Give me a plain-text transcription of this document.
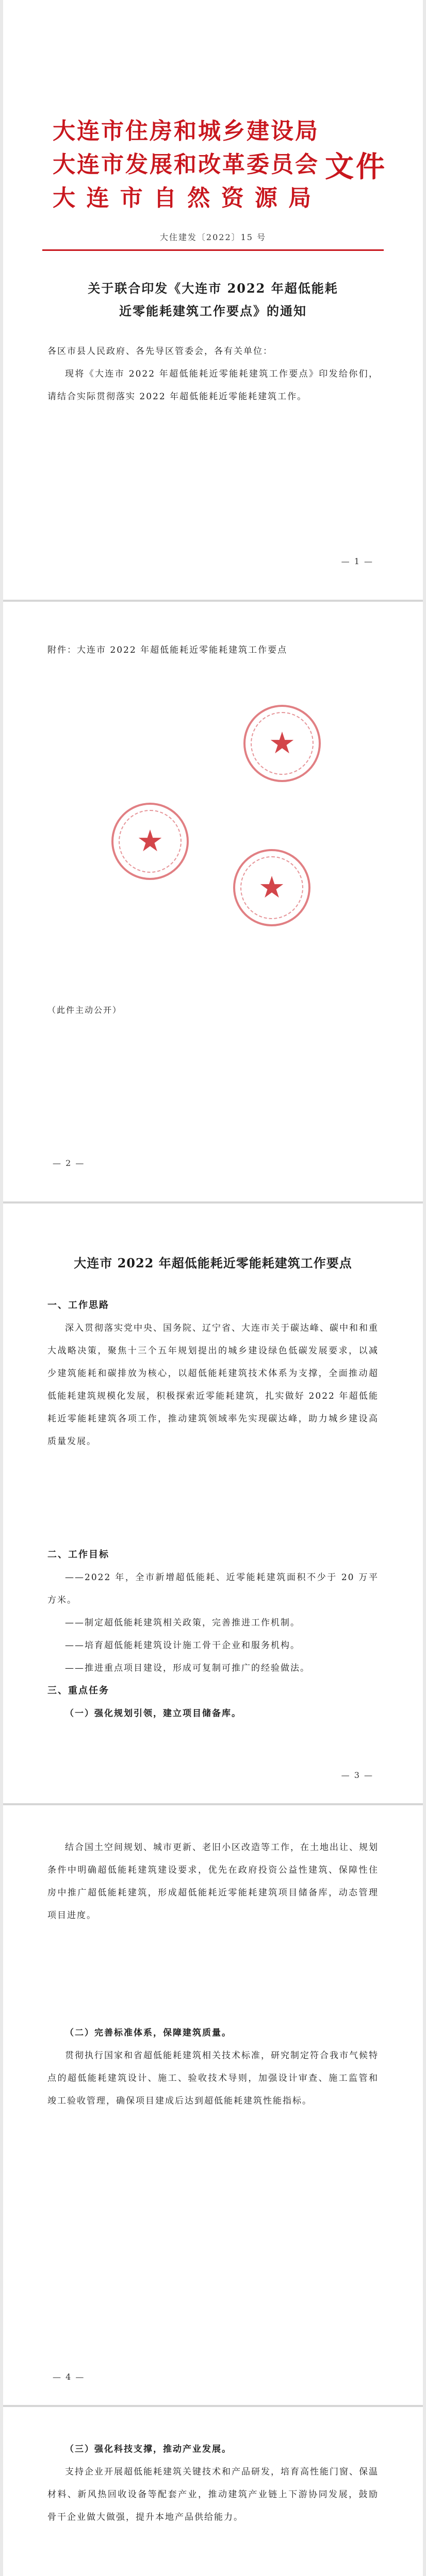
大连市住房和城乡建设局
大连市发展和改革委员会
大 连 市 自 然 资 源 局
文件
大住建发〔2022〕15 号
关于联合印发《大连市 2022 年超低能耗
近零能耗建筑工作要点》的通知
各区市县人民政府、各先导区管委会，各有关单位：
现将《大连市 2022 年超低能耗近零能耗建筑工作要点》印发给你们，请结合实际贯彻落实 2022 年超低能耗近零能耗建筑工作。
— 1 —
附件：大连市 2022 年超低能耗近零能耗建筑工作要点
★
★
★
（此件主动公开）
— 2 —
大连市 2022 年超低能耗近零能耗建筑工作要点
一、工作思路
深入贯彻落实党中央、国务院、辽宁省、大连市关于碳达峰、碳中和和重大战略决策，聚焦十三个五年规划提出的城乡建设绿色低碳发展要求，以减少建筑能耗和碳排放为核心，以超低能耗建筑技术体系为支撑，全面推动超低能耗建筑规模化发展，积极探索近零能耗建筑，扎实做好 2022 年超低能耗近零能耗建筑各项工作，推动建筑领域率先实现碳达峰，助力城乡建设高质量发展。
二、工作目标
——2022 年，全市新增超低能耗、近零能耗建筑面积不少于 20 万平方米。
——制定超低能耗建筑相关政策，完善推进工作机制。
——培育超低能耗建筑设计施工骨干企业和服务机构。
——推进重点项目建设，形成可复制可推广的经验做法。
三、重点任务
（一）强化规划引领，建立项目储备库。
— 3 —
结合国土空间规划、城市更新、老旧小区改造等工作，在土地出让、规划条件中明确超低能耗建筑建设要求，优先在政府投资公益性建筑、保障性住房中推广超低能耗建筑，形成超低能耗近零能耗建筑项目储备库，动态管理项目进度。
（二）完善标准体系，保障建筑质量。
贯彻执行国家和省超低能耗建筑相关技术标准，研究制定符合我市气候特点的超低能耗建筑设计、施工、验收技术导则，加强设计审查、施工监管和竣工验收管理，确保项目建成后达到超低能耗建筑性能指标。
— 4 —
（三）强化科技支撑，推动产业发展。
支持企业开展超低能耗建筑关键技术和产品研发，培育高性能门窗、保温材料、新风热回收设备等配套产业，推动建筑产业链上下游协同发展，鼓励骨干企业做大做强，提升本地产品供给能力。
